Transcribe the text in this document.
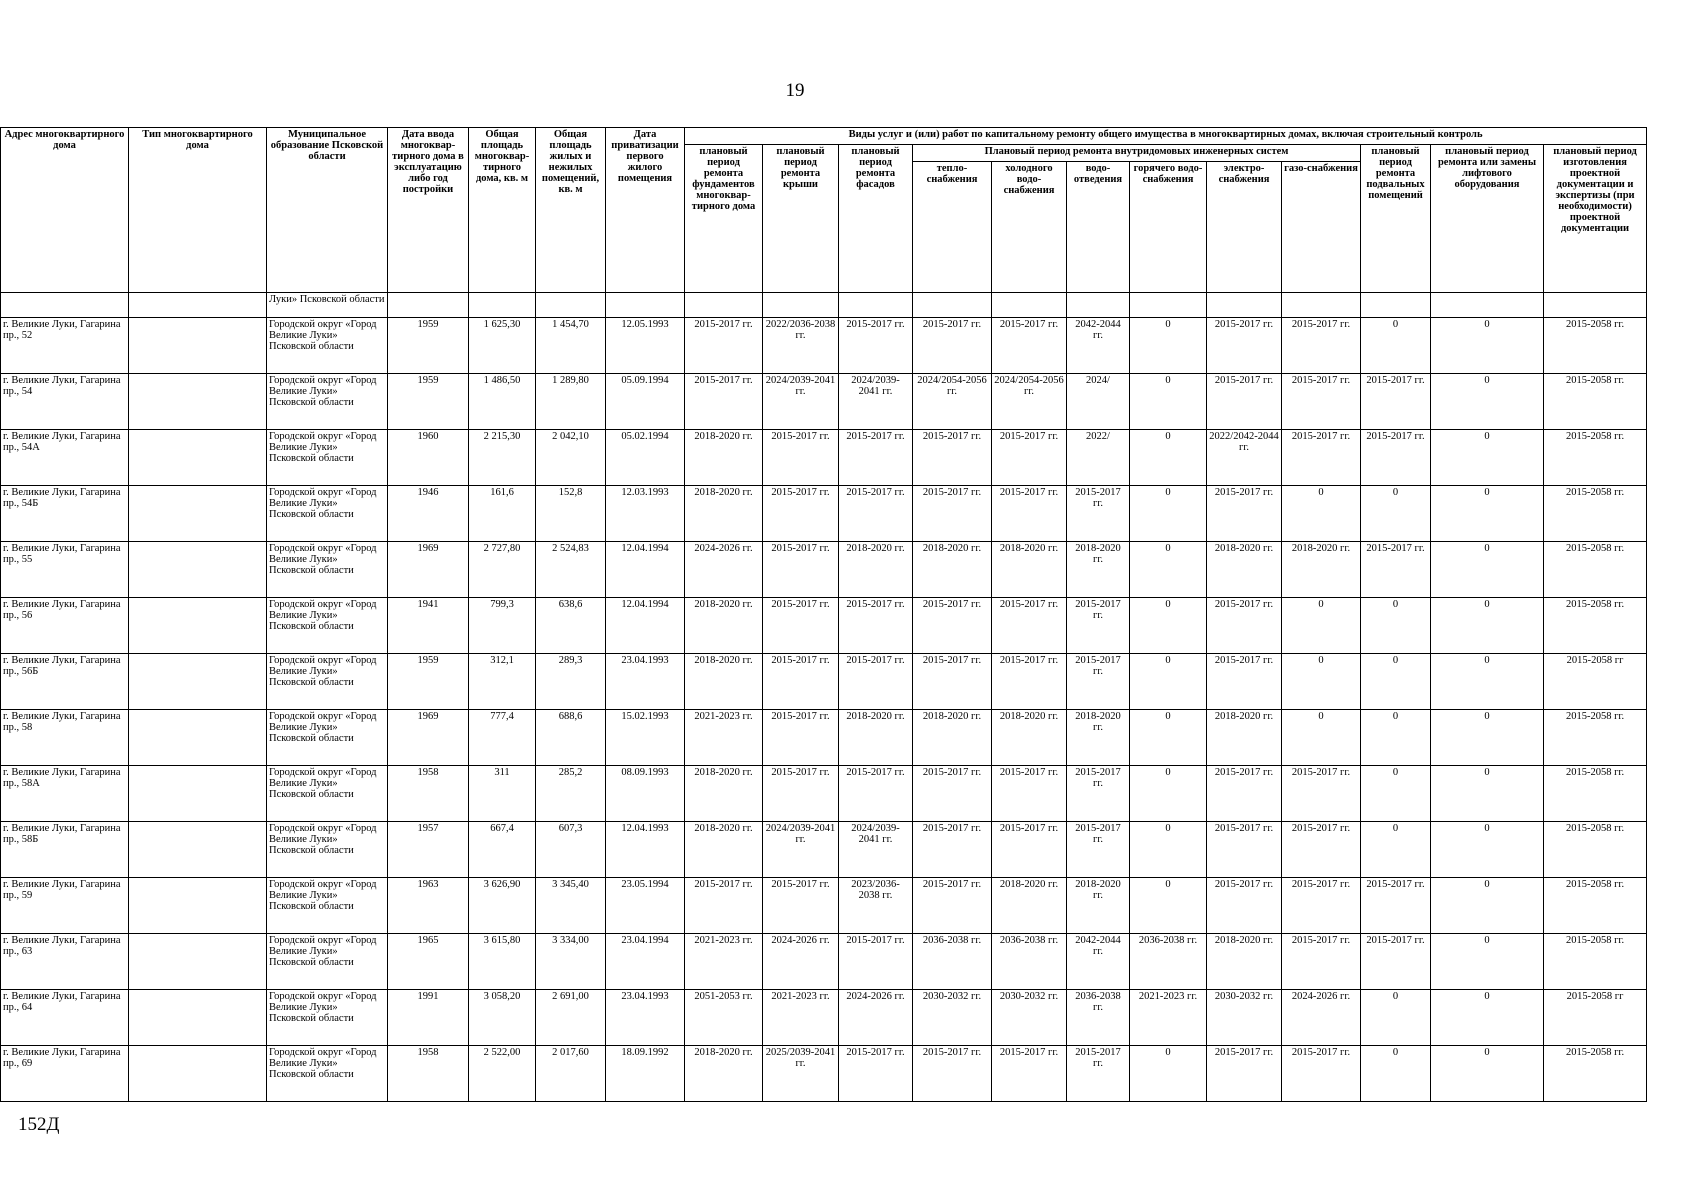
19
Адрес многоквартирного дома	Тип многоквартирного дома	Муниципальное образование Псковской области	Дата ввода многоквар-тирного дома в эксплуатацию либо год постройки	Общая площадь многоквар-тирного дома, кв. м	Общая площадь жилых и нежилых помещений, кв. м	Дата приватизации первого жилого помещения	Виды услуг и (или) работ по капитальному ремонту общего имущества в многоквартирных домах, включая строительный контроль											
							плановый период ремонта фундаментов многоквар-тирного дома	плановый период ремонта крыши	плановый период ремонта фасадов	Плановый период ремонта внутридомовых инженерных систем						плановый период ремонта подвальных помещений	плановый период ремонта или замены лифтового оборудования	плановый период изготовления проектной документации и экспертизы (при необходимости) проектной документации
										тепло-снабжения	холодного водо-снабжения	водо-отведения	горячего водо-снабжения	электро-снабжения	газо-снабжения			
		Луки» Псковской области																
г. Великие Луки, Гагарина пр., 52		Городской округ «Город Великие Луки» Псковской области	1959	1 625,30	1 454,70	12.05.1993	2015-2017 гг.	2022/2036-2038 гг.	2015-2017 гг.	2015-2017 гг.	2015-2017 гг.	2042-2044 гг.	0	2015-2017 гг.	2015-2017 гг.	0	0	2015-2058 гг.
г. Великие Луки, Гагарина пр., 54		Городской округ «Город Великие Луки» Псковской области	1959	1 486,50	1 289,80	05.09.1994	2015-2017 гг.	2024/2039-2041 гг.	2024/2039-2041 гг.	2024/2054-2056 гг.	2024/2054-2056 гг.	2024/	0	2015-2017 гг.	2015-2017 гг.	2015-2017 гг.	0	2015-2058 гг.
г. Великие Луки, Гагарина пр., 54А		Городской округ «Город Великие Луки» Псковской области	1960	2 215,30	2 042,10	05.02.1994	2018-2020 гг.	2015-2017 гг.	2015-2017 гг.	2015-2017 гг.	2015-2017 гг.	2022/	0	2022/2042-2044 гг.	2015-2017 гг.	2015-2017 гг.	0	2015-2058 гг.
г. Великие Луки, Гагарина пр., 54Б		Городской округ «Город Великие Луки» Псковской области	1946	161,6	152,8	12.03.1993	2018-2020 гг.	2015-2017 гг.	2015-2017 гг.	2015-2017 гг.	2015-2017 гг.	2015-2017 гг.	0	2015-2017 гг.	0	0	0	2015-2058 гг.
г. Великие Луки, Гагарина пр., 55		Городской округ «Город Великие Луки» Псковской области	1969	2 727,80	2 524,83	12.04.1994	2024-2026 гг.	2015-2017 гг.	2018-2020 гг.	2018-2020 гг.	2018-2020 гг.	2018-2020 гг.	0	2018-2020 гг.	2018-2020 гг.	2015-2017 гг.	0	2015-2058 гг.
г. Великие Луки, Гагарина пр., 56		Городской округ «Город Великие Луки» Псковской области	1941	799,3	638,6	12.04.1994	2018-2020 гг.	2015-2017 гг.	2015-2017 гг.	2015-2017 гг.	2015-2017 гг.	2015-2017 гг.	0	2015-2017 гг.	0	0	0	2015-2058 гг.
г. Великие Луки, Гагарина пр., 56Б		Городской округ «Город Великие Луки» Псковской области	1959	312,1	289,3	23.04.1993	2018-2020 гг.	2015-2017 гг.	2015-2017 гг.	2015-2017 гг.	2015-2017 гг.	2015-2017 гг.	0	2015-2017 гг.	0	0	0	2015-2058 гг
г. Великие Луки, Гагарина пр., 58		Городской округ «Город Великие Луки» Псковской области	1969	777,4	688,6	15.02.1993	2021-2023 гг.	2015-2017 гг.	2018-2020 гг.	2018-2020 гг.	2018-2020 гг.	2018-2020 гг.	0	2018-2020 гг.	0	0	0	2015-2058 гг.
г. Великие Луки, Гагарина пр., 58А		Городской округ «Город Великие Луки» Псковской области	1958	311	285,2	08.09.1993	2018-2020 гг.	2015-2017 гг.	2015-2017 гг.	2015-2017 гг.	2015-2017 гг.	2015-2017 гг.	0	2015-2017 гг.	2015-2017 гг.	0	0	2015-2058 гг.
г. Великие Луки, Гагарина пр., 58Б		Городской округ «Город Великие Луки» Псковской области	1957	667,4	607,3	12.04.1993	2018-2020 гг.	2024/2039-2041 гг.	2024/2039-2041 гг.	2015-2017 гг.	2015-2017 гг.	2015-2017 гг.	0	2015-2017 гг.	2015-2017 гг.	0	0	2015-2058 гг.
г. Великие Луки, Гагарина пр., 59		Городской округ «Город Великие Луки» Псковской области	1963	3 626,90	3 345,40	23.05.1994	2015-2017 гг.	2015-2017 гг.	2023/2036-2038 гг.	2015-2017 гг.	2018-2020 гг.	2018-2020 гг.	0	2015-2017 гг.	2015-2017 гг.	2015-2017 гг.	0	2015-2058 гг.
г. Великие Луки, Гагарина пр., 63		Городской округ «Город Великие Луки» Псковской области	1965	3 615,80	3 334,00	23.04.1994	2021-2023 гг.	2024-2026 гг.	2015-2017 гг.	2036-2038 гг.	2036-2038 гг.	2042-2044 гг.	2036-2038 гг.	2018-2020 гг.	2015-2017 гг.	2015-2017 гг.	0	2015-2058 гг.
г. Великие Луки, Гагарина пр., 64		Городской округ «Город Великие Луки» Псковской области	1991	3 058,20	2 691,00	23.04.1993	2051-2053 гг.	2021-2023 гг.	2024-2026 гг.	2030-2032 гг.	2030-2032 гг.	2036-2038 гг.	2021-2023 гг.	2030-2032 гг.	2024-2026 гг.	0	0	2015-2058 гг
г. Великие Луки, Гагарина пр., 69		Городской округ «Город Великие Луки» Псковской области	1958	2 522,00	2 017,60	18.09.1992	2018-2020 гг.	2025/2039-2041 гг.	2015-2017 гг.	2015-2017 гг.	2015-2017 гг.	2015-2017 гг.	0	2015-2017 гг.	2015-2017 гг.	0	0	2015-2058 гг.
152Д
